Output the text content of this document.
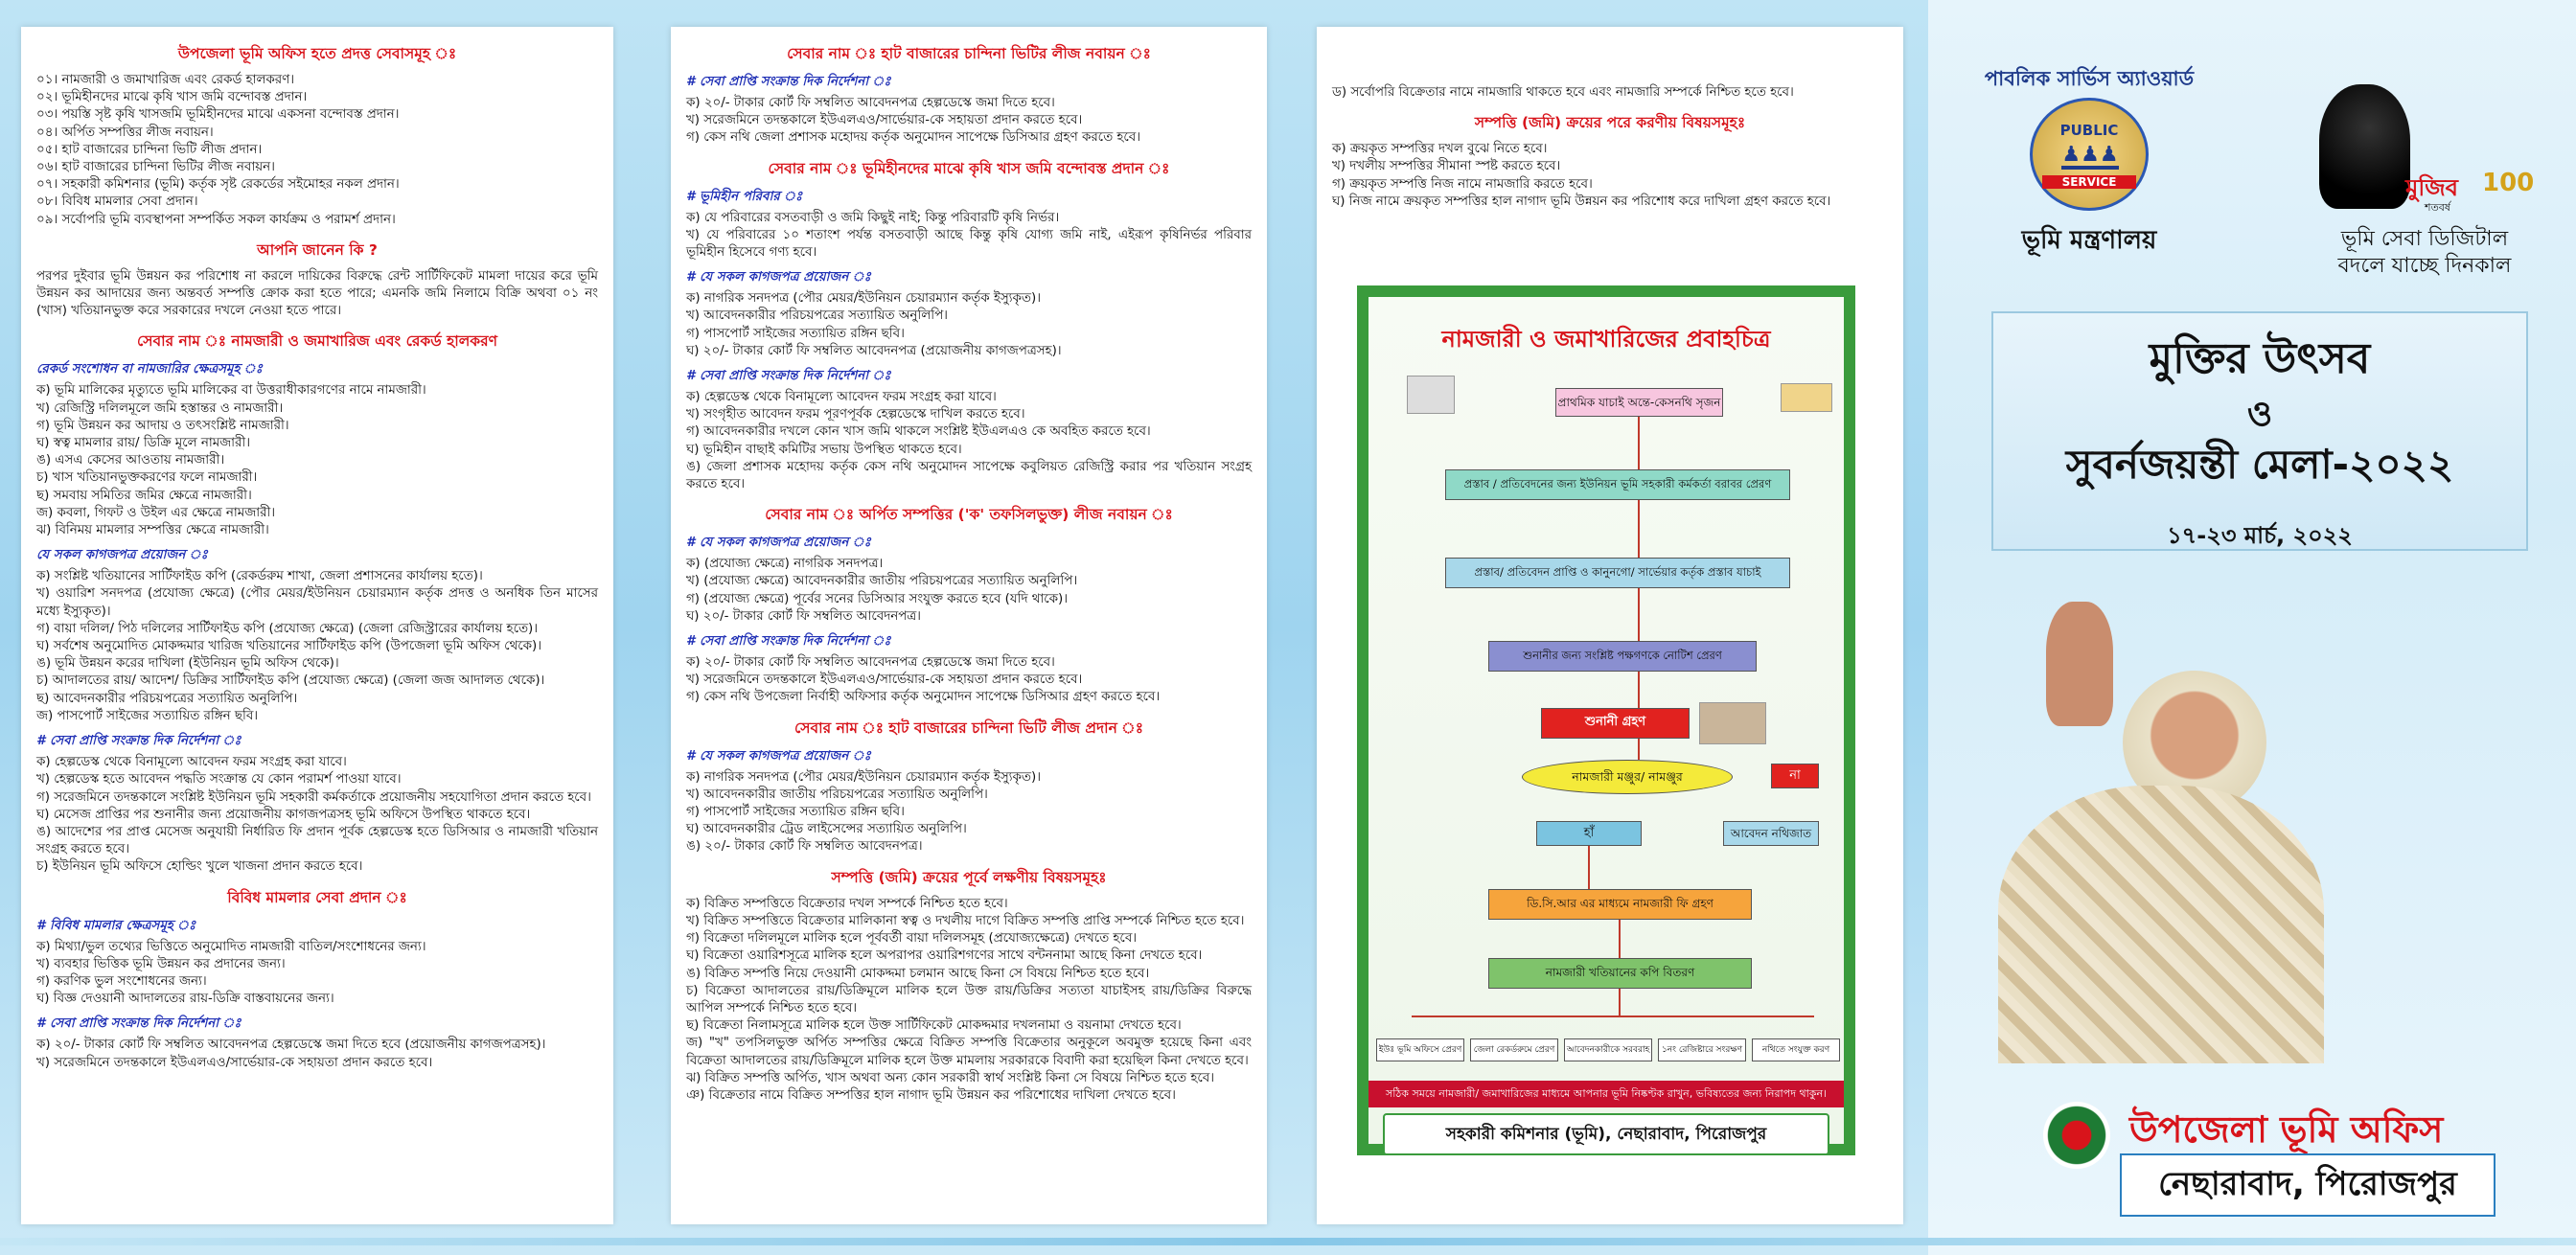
উপজেলা ভূমি অফিস হতে প্রদত্ত সেবাসমূহ ঃ
০১। নামজারী ও জমাখারিজ এবং রেকর্ড হালকরণ।
০২। ভূমিহীনদের মাঝে কৃষি খাস জমি বন্দোবস্ত প্রদান।
০৩। পয়স্তি সৃষ্ট কৃষি খাসজমি ভূমিহীনদের মাঝে একসনা বন্দোবস্ত প্রদান।
০৪। অর্পিত সম্পত্তির লীজ নবায়ন।
০৫। হাট বাজারের চান্দিনা ভিটি লীজ প্রদান।
০৬। হাট বাজারের চান্দিনা ভিটির লীজ নবায়ন।
০৭। সহকারী কমিশনার (ভূমি) কর্তৃক সৃষ্ট রেকর্ডের সইমোহর নকল প্রদান।
০৮। বিবিধ মামলার সেবা প্রদান।
০৯। সর্বোপরি ভূমি ব্যবস্থাপনা সম্পর্কিত সকল কার্যক্রম ও পরামর্শ প্রদান।
আপনি জানেন কি ?
পরপর দুইবার ভূমি উন্নয়ন কর পরিশোধ না করলে দায়িকের বিরুদ্ধে রেন্ট সার্টিফিকেট মামলা দায়ের করে ভূমি উন্নয়ন কর আদায়ের জন্য অন্তবর্ত সম্পত্তি ক্রোক করা হতে পারে; এমনকি জমি নিলামে বিক্রি অথবা ০১ নং (খাস) খতিয়ানভুক্ত করে সরকারের দখলে নেওয়া হতে পারে।
সেবার নাম ঃ নামজারী ও জমাখারিজ এবং রেকর্ড হালকরণ
রেকর্ড সংশোধন বা নামজারির ক্ষেত্রসমূহ ঃ
ক) ভূমি মালিকের মৃত্যুতে ভূমি মালিকের বা উত্তরাধীকারগণের নামে নামজারী।
খ) রেজিস্ট্রি দলিলমূলে জমি হস্তান্তর ও নামজারী।
গ) ভূমি উন্নয়ন কর আদায় ও তৎসংশ্লিষ্ট নামজারী।
ঘ) স্বত্ব মামলার রায়/ ডিক্রি মূলে নামজারী।
ঙ) এসএ কেসের আওতায় নামজারী।
চ) খাস খতিয়ানভুক্তকরণের ফলে নামজারী।
ছ) সমবায় সমিতির জমির ক্ষেত্রে নামজারী।
জ) কবলা, গিফট ও উইল এর ক্ষেত্রে নামজারী।
ঝ) বিনিময় মামলার সম্পত্তির ক্ষেত্রে নামজারী।
যে সকল কাগজপত্র প্রয়োজন ঃ
ক) সংশ্লিষ্ট খতিয়ানের সার্টিফাইড কপি (রেকর্ডরুম শাখা, জেলা প্রশাসনের কার্যালয় হতে)।
খ) ওয়ারিশ সনদপত্র (প্রযোজ্য ক্ষেত্রে) (পৌর মেয়র/ইউনিয়ন চেয়ারম্যান কর্তৃক প্রদত্ত ও অনধিক তিন মাসের মধ্যে ইস্যুকৃত)।
গ) বায়া দলিল/ পিঠ দলিলের সার্টিফাইড কপি (প্রযোজ্য ক্ষেত্রে) (জেলা রেজিস্ট্রারের কার্যালয় হতে)।
ঘ) সর্বশেষ অনুমোদিত মোকদ্দমার খারিজ খতিয়ানের সার্টিফাইড কপি (উপজেলা ভূমি অফিস থেকে)।
ঙ) ভূমি উন্নয়ন করের দাখিলা (ইউনিয়ন ভূমি অফিস থেকে)।
চ) আদালতের রায়/ আদেশ/ ডিক্রির সার্টিফাইড কপি (প্রযোজ্য ক্ষেত্রে) (জেলা জজ আদালত থেকে)।
ছ) আবেদনকারীর পরিচয়পত্রের সত্যায়িত অনুলিপি।
জ) পাসপোর্ট সাইজের সত্যায়িত রঙ্গিন ছবি।
# সেবা প্রাপ্তি সংক্রান্ত দিক নির্দেশনা ঃ
ক) হেল্পডেস্ক থেকে বিনামূল্যে আবেদন ফরম সংগ্রহ করা যাবে।
খ) হেল্পডেস্ক হতে আবেদন পদ্ধতি সংক্রান্ত যে কোন পরামর্শ পাওয়া যাবে।
গ) সরেজমিনে তদন্তকালে সংশ্লিষ্ট ইউনিয়ন ভূমি সহকারী কর্মকর্তাকে প্রয়োজনীয় সহযোগিতা প্রদান করতে হবে।
ঘ) মেসেজ প্রাপ্তির পর শুনানীর জন্য প্রয়োজনীয় কাগজপত্রসহ ভূমি অফিসে উপস্থিত থাকতে হবে।
ঙ) আদেশের পর প্রাপ্ত মেসেজ অনুযায়ী নির্ধারিত ফি প্রদান পূর্বক হেল্পডেস্ক হতে ডিসিআর ও নামজারী খতিয়ান সংগ্রহ করতে হবে।
চ) ইউনিয়ন ভূমি অফিসে হোল্ডিং খুলে খাজনা প্রদান করতে হবে।
বিবিধ মামলার সেবা প্রদান ঃ
# বিবিধ মামলার ক্ষেত্রসমূহ ঃ
ক) মিথ্যা/ভুল তথ্যের ভিত্তিতে অনুমোদিত নামজারী বাতিল/সংশোধনের জন্য।
খ) ব্যবহার ভিত্তিক ভূমি উন্নয়ন কর প্রদানের জন্য।
গ) করণিক ভুল সংশোধনের জন্য।
ঘ) বিজ্ঞ দেওয়ানী আদালতের রায়-ডিক্রি বাস্তবায়নের জন্য।
# সেবা প্রাপ্তি সংক্রান্ত দিক নির্দেশনা ঃ
ক) ২০/- টাকার কোর্ট ফি সম্বলিত আবেদনপত্র হেল্পডেস্কে জমা দিতে হবে (প্রয়োজনীয় কাগজপত্রসহ)।
খ) সরেজমিনে তদন্তকালে ইউএলএও/সার্ভেয়ার-কে সহায়তা প্রদান করতে হবে।
সেবার নাম ঃ হাট বাজারের চান্দিনা ভিটির লীজ নবায়ন ঃ
# সেবা প্রাপ্তি সংক্রান্ত দিক নির্দেশনা ঃ
ক) ২০/- টাকার কোর্ট ফি সম্বলিত আবেদনপত্র হেল্পডেস্কে জমা দিতে হবে।
খ) সরেজমিনে তদন্তকালে ইউএলএও/সার্ভেয়ার-কে সহায়তা প্রদান করতে হবে।
গ) কেস নথি জেলা প্রশাসক মহোদয় কর্তৃক অনুমোদন সাপেক্ষে ডিসিআর গ্রহণ করতে হবে।
সেবার নাম ঃ ভূমিহীনদের মাঝে কৃষি খাস জমি বন্দোবস্ত প্রদান ঃ
# ভূমিহীন পরিবার ঃ
ক) যে পরিবারের বসতবাড়ী ও জমি কিছুই নাই; কিন্তু পরিবারটি কৃষি নির্ভর।
খ) যে পরিবারের ১০ শতাংশ পর্যন্ত বসতবাড়ী আছে কিন্তু কৃষি যোগ্য জমি নাই, এইরূপ কৃষিনির্ভর পরিবার ভূমিহীন হিসেবে গণ্য হবে।
# যে সকল কাগজপত্র প্রয়োজন ঃ
ক) নাগরিক সনদপত্র (পৌর মেয়র/ইউনিয়ন চেয়ারম্যান কর্তৃক ইস্যুকৃত)।
খ) আবেদনকারীর পরিচয়পত্রের সত্যায়িত অনুলিপি।
গ) পাসপোর্ট সাইজের সত্যায়িত রঙ্গিন ছবি।
ঘ) ২০/- টাকার কোর্ট ফি সম্বলিত আবেদনপত্র (প্রয়োজনীয় কাগজপত্রসহ)।
# সেবা প্রাপ্তি সংক্রান্ত দিক নির্দেশনা ঃ
ক) হেল্পডেস্ক থেকে বিনামূল্যে আবেদন ফরম সংগ্রহ করা যাবে।
খ) সংগৃহীত আবেদন ফরম পূরণপূর্বক হেল্পডেস্কে দাখিল করতে হবে।
গ) আবেদনকারীর দখলে কোন খাস জমি থাকলে সংশ্লিষ্ট ইউএলএও কে অবহিত করতে হবে।
ঘ) ভূমিহীন বাছাই কমিটির সভায় উপস্থিত থাকতে হবে।
ঙ) জেলা প্রশাসক মহোদয় কর্তৃক কেস নথি অনুমোদন সাপেক্ষে কবুলিয়ত রেজিস্ট্রি করার পর খতিয়ান সংগ্রহ করতে হবে।
সেবার নাম ঃ অর্পিত সম্পত্তির ('ক' তফসিলভুক্ত) লীজ নবায়ন ঃ
# যে সকল কাগজপত্র প্রয়োজন ঃ
ক) (প্রযোজ্য ক্ষেত্রে) নাগরিক সনদপত্র।
খ) (প্রযোজ্য ক্ষেত্রে) আবেদনকারীর জাতীয় পরিচয়পত্রের সত্যায়িত অনুলিপি।
গ) (প্রযোজ্য ক্ষেত্রে) পূর্বের সনের ডিসিআর সংযুক্ত করতে হবে (যদি থাকে)।
ঘ) ২০/- টাকার কোর্ট ফি সম্বলিত আবেদনপত্র।
# সেবা প্রাপ্তি সংক্রান্ত দিক নির্দেশনা ঃ
ক) ২০/- টাকার কোর্ট ফি সম্বলিত আবেদনপত্র হেল্পডেস্কে জমা দিতে হবে।
খ) সরেজমিনে তদন্তকালে ইউএলএও/সার্ভেয়ার-কে সহায়তা প্রদান করতে হবে।
গ) কেস নথি উপজেলা নির্বাহী অফিসার কর্তৃক অনুমোদন সাপেক্ষে ডিসিআর গ্রহণ করতে হবে।
সেবার নাম ঃ হাট বাজারের চান্দিনা ভিটি লীজ প্রদান ঃ
# যে সকল কাগজপত্র প্রয়োজন ঃ
ক) নাগরিক সনদপত্র (পৌর মেয়র/ইউনিয়ন চেয়ারম্যান কর্তৃক ইস্যুকৃত)।
খ) আবেদনকারীর জাতীয় পরিচয়পত্রের সত্যায়িত অনুলিপি।
গ) পাসপোর্ট সাইজের সত্যায়িত রঙ্গিন ছবি।
ঘ) আবেদনকারীর ট্রেড লাইসেন্সের সত্যায়িত অনুলিপি।
ঙ) ২০/- টাকার কোর্ট ফি সম্বলিত আবেদনপত্র।
সম্পত্তি (জমি) ক্রয়ের পূর্বে লক্ষণীয় বিষয়সমূহঃ
ক) বিক্রিত সম্পত্তিতে বিক্রেতার দখল সম্পর্কে নিশ্চিত হতে হবে।
খ) বিক্রিত সম্পত্তিতে বিক্রেতার মালিকানা স্বত্ব ও দখলীয় দাগে বিক্রিত সম্পত্তি প্রাপ্তি সম্পর্কে নিশ্চিত হতে হবে।
গ) বিক্রেতা দলিলমূলে মালিক হলে পূর্ববর্তী বায়া দলিলসমূহ (প্রযোজ্যক্ষেত্রে) দেখতে হবে।
ঘ) বিক্রেতা ওয়ারিশসূত্রে মালিক হলে অপরাপর ওয়ারিশগণের সাথে বন্টননামা আছে কিনা দেখতে হবে।
ঙ) বিক্রিত সম্পত্তি নিয়ে দেওয়ানী মোকদ্দমা চলমান আছে কিনা সে বিষয়ে নিশ্চিত হতে হবে।
চ) বিক্রেতা আদালতের রায়/ডিক্রিমূলে মালিক হলে উক্ত রায়/ডিক্রির সত্যতা যাচাইসহ রায়/ডিক্রির বিরুদ্ধে আপিল সম্পর্কে নিশ্চিত হতে হবে।
ছ) বিক্রেতা নিলামসূত্রে মালিক হলে উক্ত সার্টিফিকেট মোকদ্দমার দখলনামা ও বয়নামা দেখতে হবে।
জ) "খ" তপসিলভুক্ত অর্পিত সম্পত্তির ক্ষেত্রে বিক্রিত সম্পত্তি বিক্রেতার অনুকূলে অবমুক্ত হয়েছে কিনা এবং বিক্রেতা আদালতের রায়/ডিক্রিমূলে মালিক হলে উক্ত মামলায় সরকারকে বিবাদী করা হয়েছিল কিনা দেখতে হবে।
ঝ) বিক্রিত সম্পত্তি অর্পিত, খাস অথবা অন্য কোন সরকারী স্বার্থ সংশ্লিষ্ট কিনা সে বিষয়ে নিশ্চিত হতে হবে।
ঞ) বিক্রেতার নামে বিক্রিত সম্পত্তির হাল নাগাদ ভূমি উন্নয়ন কর পরিশোধের দাখিলা দেখতে হবে।
ড) সর্বোপরি বিক্রেতার নামে নামজারি থাকতে হবে এবং নামজারি সম্পর্কে নিশ্চিত হতে হবে।
সম্পত্তি (জমি) ক্রয়ের পরে করণীয় বিষয়সমূহঃ
ক) ক্রয়কৃত সম্পত্তির দখল বুঝে নিতে হবে।
খ) দখলীয় সম্পত্তির সীমানা স্পষ্ট করতে হবে।
গ) ক্রয়কৃত সম্পত্তি নিজ নামে নামজারি করতে হবে।
ঘ) নিজ নামে ক্রয়কৃত সম্পত্তির হাল নাগাদ ভূমি উন্নয়ন কর পরিশোধ করে দাখিলা গ্রহণ করতে হবে।
নামজারী ও জমাখারিজের প্রবাহচিত্র
প্রাথমিক যাচাই অন্তে-কেসনথি সৃজন
প্রস্তাব / প্রতিবেদনের জন্য ইউনিয়ন ভূমি সহকারী কর্মকর্তা বরাবর প্রেরণ
প্রস্তাব/ প্রতিবেদন প্রাপ্তি ও কানুনগো/ সার্ভেয়ার কর্তৃক প্রস্তাব যাচাই
শুনানীর জন্য সংশ্লিষ্ট পক্ষগণকে নোটিশ প্রেরণ
শুনানী গ্রহণ
নামজারী মঞ্জুর/ নামঞ্জুর	না
হাঁ	আবেদন নথিজাত
ডি.সি.আর এর মাধ্যমে নামজারী ফি গ্রহণ
নামজারী খতিয়ানের কপি বিতরণ
ইউঃ ভূমি অফিসে প্রেরণ	জেলা রেকর্ডরুমে প্রেরণ	আবেদনকারীকে সরবরাহ	১নং রেজিষ্টারে সংরক্ষণ	নথিতে সংযুক্ত করণ
সঠিক সময়ে নামজারী/ জমাখারিজের মাধ্যমে আপনার ভূমি নিষ্কণ্টক রাখুন, ভবিষ্যতের জন্য নিরাপদ থাকুন।
সহকারী কমিশনার (ভূমি), নেছারাবাদ, পিরোজপুর
পাবলিক সার্ভিস অ্যাওয়ার্ড
PUBLIC
♟♟♟
SERVICE
ভূমি মন্ত্রণালয়
মুজিব
শতবর্ষ
100
ভূমি সেবা ডিজিটাল
বদলে যাচ্ছে দিনকাল
মুক্তির উৎসব
ও
সুবর্নজয়ন্তী মেলা-২০২২
১৭-২৩ মার্চ, ২০২২
উপজেলা ভূমি অফিস
নেছারাবাদ, পিরোজপুর
